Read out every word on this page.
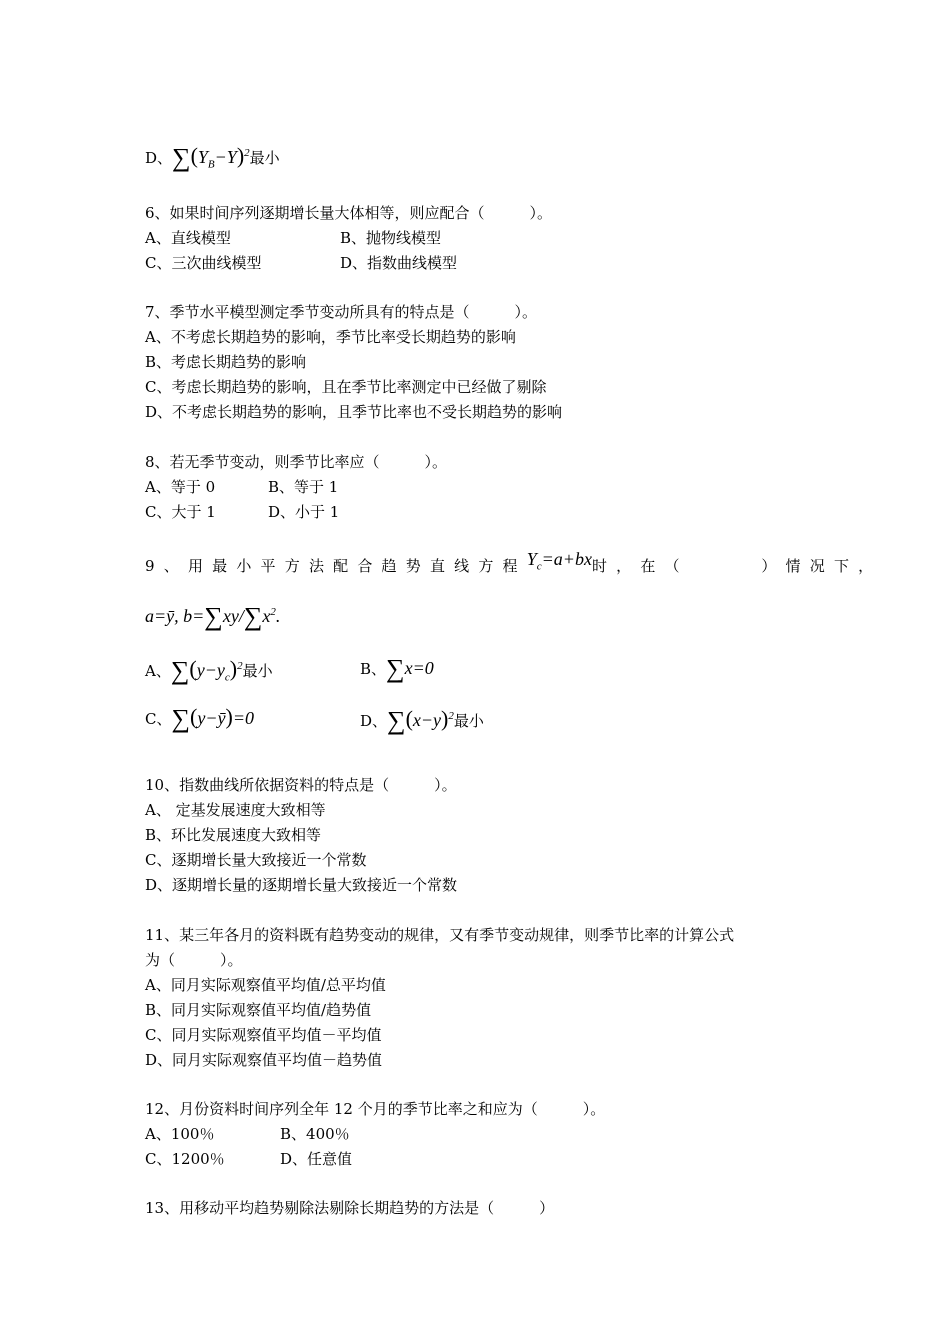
D、$\sum(Y_B-Y)^2$最小
6、如果时间序列逐期增长量大体相等，则应配合（　　　）。
A、直线模型	B、抛物线模型
C、三次曲线模型	D、指数曲线模型
7、季节水平模型测定季节变动所具有的特点是（　　　）。
A、不考虑长期趋势的影响，季节比率受长期趋势的影响
B、考虑长期趋势的影响
C、考虑长期趋势的影响，且在季节比率测定中已经做了剔除
D、不考虑长期趋势的影响，且季节比率也不受长期趋势的影响
8、若无季节变动，则季节比率应（　　　）。
A、等于 0	B、等于 1
C、大于 1	D、小于 1
9、用最小平方法配合趋势直线方程$Y_c=a+bx$时，在（　　　）情况下，
a=ȳ, $b=\sum xy/\sum x^2$.
A、$\sum(y-y_c)^2$最小	B、∑x=0
C、∑(y−ȳ)=0	D、$\sum(x-y)^2$最小
10、指数曲线所依据资料的特点是（　　　）。
A、 定基发展速度大致相等
B、环比发展速度大致相等
C、逐期增长量大致接近一个常数
D、逐期增长量的逐期增长量大致接近一个常数
11、某三年各月的资料既有趋势变动的规律，又有季节变动规律，则季节比率的计算公式
为（　　　）。
A、同月实际观察值平均值/总平均值
B、同月实际观察值平均值/趋势值
C、同月实际观察值平均值－平均值
D、同月实际观察值平均值－趋势值
12、月份资料时间序列全年 12 个月的季节比率之和应为（　　　）。
A、100％	B、400％
C、1200％	D、任意值
13、用移动平均趋势剔除法剔除长期趋势的方法是（　　　）
